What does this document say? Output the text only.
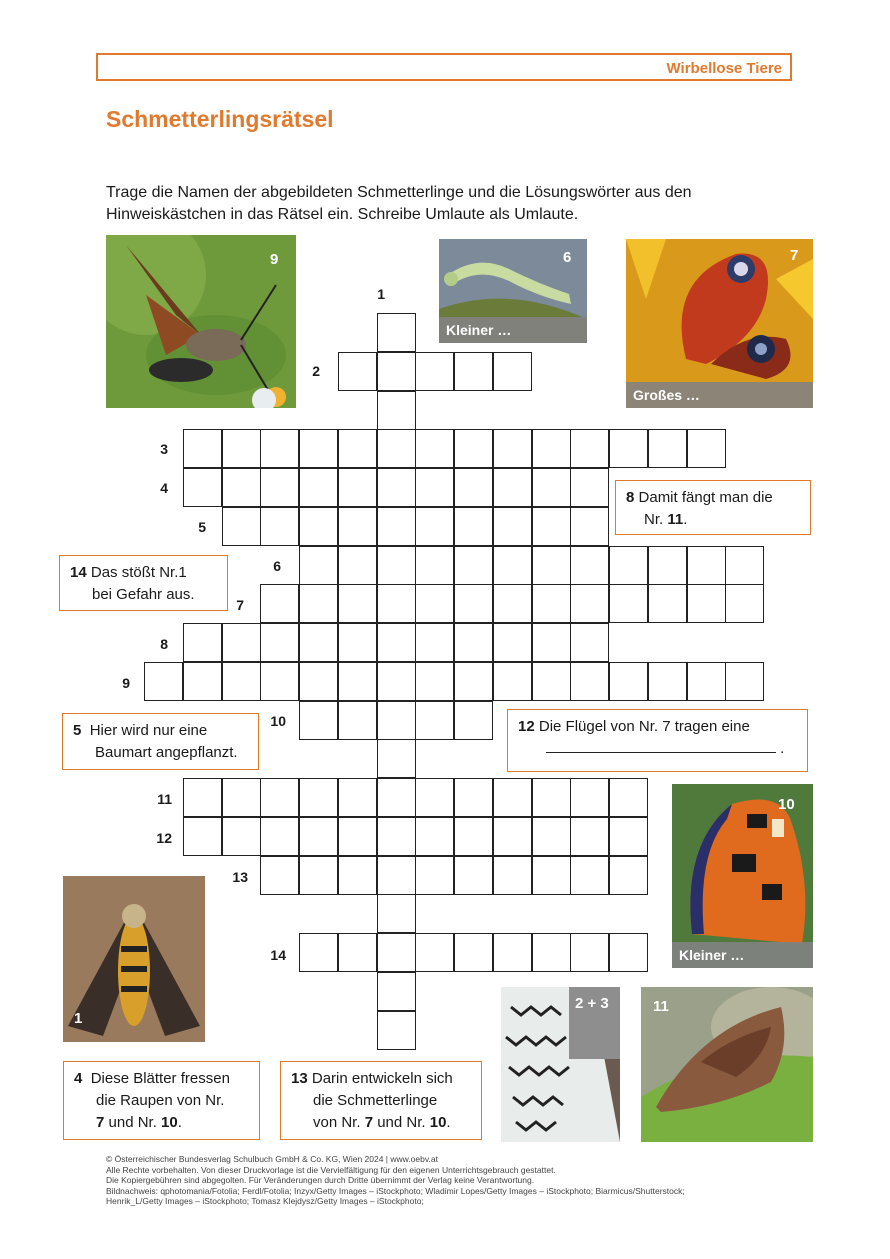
Wirbellose Tiere
Schmetterlingsrätsel
Trage die Namen der abgebildeten Schmetterlinge und die Lösungswörter aus den Hinweiskästchen in das Rätsel ein. Schreibe Umlaute als Umlaute.
9	6
Kleiner …
7
Großes …
10
Kleiner …
1
2 + 3	11
1
2
3
4
5
6
7
8
9
10
11
12
13
14
8 Damit fängt man die
Nr. 11.
14 Das stößt Nr.1
bei Gefahr aus.
5 Hier wird nur eine
Baumart angepflanzt.
12 Die Flügel von Nr. 7 tragen eine
.
4 Diese Blätter fressen
die Raupen von Nr.
7 und Nr. 10.
13 Darin entwickeln sich
die Schmetterlinge
von Nr. 7 und Nr. 10.
© Österreichischer Bundesverlag Schulbuch GmbH & Co. KG, Wien 2024 | www.oebv.at
Alle Rechte vorbehalten. Von dieser Druckvorlage ist die Vervielfältigung für den eigenen Unterrichtsgebrauch gestattet.
Die Kopiergebühren sind abgegolten. Für Veränderungen durch Dritte übernimmt der Verlag keine Verantwortung.
Bildnachweis: qphotomania/Fotolia; Ferdl/Fotolia; Inzyx/Getty Images – iStockphoto; Wladimir Lopes/Getty Images – iStockphoto; Biarmicus/Shutterstock;
Henrik_L/Getty Images – iStockphoto; Tomasz Klejdysz/Getty Images – iStockphoto;
